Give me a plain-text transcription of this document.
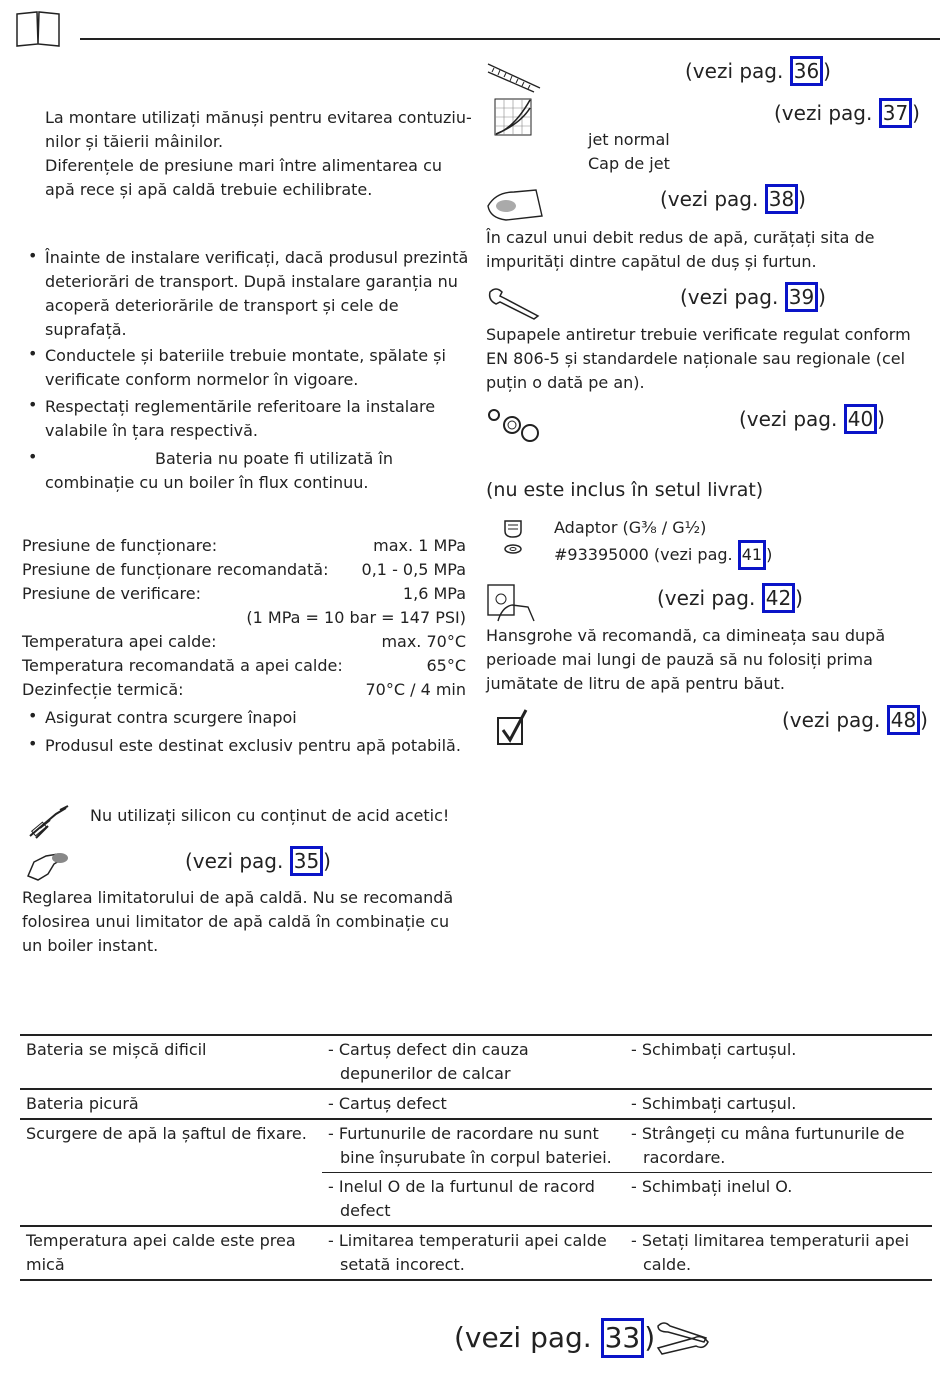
La montare utilizați mănuși pentru evitarea contuziu-
nilor și tăierii mâinilor.
Diferențele de presiune mari între alimentarea cu
apă rece și apă caldă trebuie echilibrate.
• Înainte de instalare verificați, dacă produsul prezintă
deteriorări de transport. După instalare garanția nu
acoperă deteriorările de transport și cele de
suprafață.
• Conductele și bateriile trebuie montate, spălate și
verificate conform normelor în vigoare.
• Respectați reglementările referitoare la instalare
valabile în țara respectivă.
•	Bateria nu poate fi utilizată în
combinație cu un boiler în flux continuu.
Presiune de funcționare:	max. 1 MPa
Presiune de funcționare recomandată: 0,1 - 0,5 MPa
Presiune de verificare:	1,6 MPa
(1 MPa = 10 bar = 147 PSI)
Temperatura apei calde:	max. 70°C
Temperatura recomandată a apei calde:	65°C
Dezinfecție termică:	70°C / 4 min
• Asigurat contra scurgere înapoi
• Produsul este destinat exclusiv pentru apă potabilă.
Nu utilizați silicon cu conținut de acid acetic!
(vezi pag. 35 )
Reglarea limitatorului de apă caldă. Nu se recomandă
folosirea unui limitator de apă caldă în combinație cu
un boiler instant.
(vezi pag. 36 )
(vezi pag. 37 )
jet normal
Cap de jet
(vezi pag. 38 )
În cazul unui debit redus de apă, curățați sita de
impurități dintre capătul de duș și furtun.
(vezi pag. 39 )
Supapele antiretur trebuie verificate regulat conform
EN 806-5 și standardele naționale sau regionale (cel
puțin o dată pe an).
(vezi pag. 40 )
(nu este inclus în setul livrat)
Adaptor (G³⁄₈ / G½)
#93395000 (vezi pag. 41 )
(vezi pag. 42 )
Hansgrohe vă recomandă, ca dimineața sau după
perioade mai lungi de pauză să nu folosiți prima
jumătate de litru de apă pentru băut.
(vezi pag. 48 )
Bateria se mișcă dificil	- Cartuș defect din cauza depunerilor de calcar	- Schimbați cartușul.
Bateria picură	- Cartuș defect	- Schimbați cartușul.
Scurgere de apă la șaftul de fixare.	- Furtunurile de racordare nu sunt bine înșurubate în corpul bateriei.	- Strângeți cu mâna furtunurile de racordare.

	- Inelul O de la furtunul de racord defect	- Schimbați inelul O.
Temperatura apei calde este prea mică	- Limitarea temperaturii apei calde setată incorect.	- Setați limitarea temperaturii apei calde.
(vezi pag. 33 )
